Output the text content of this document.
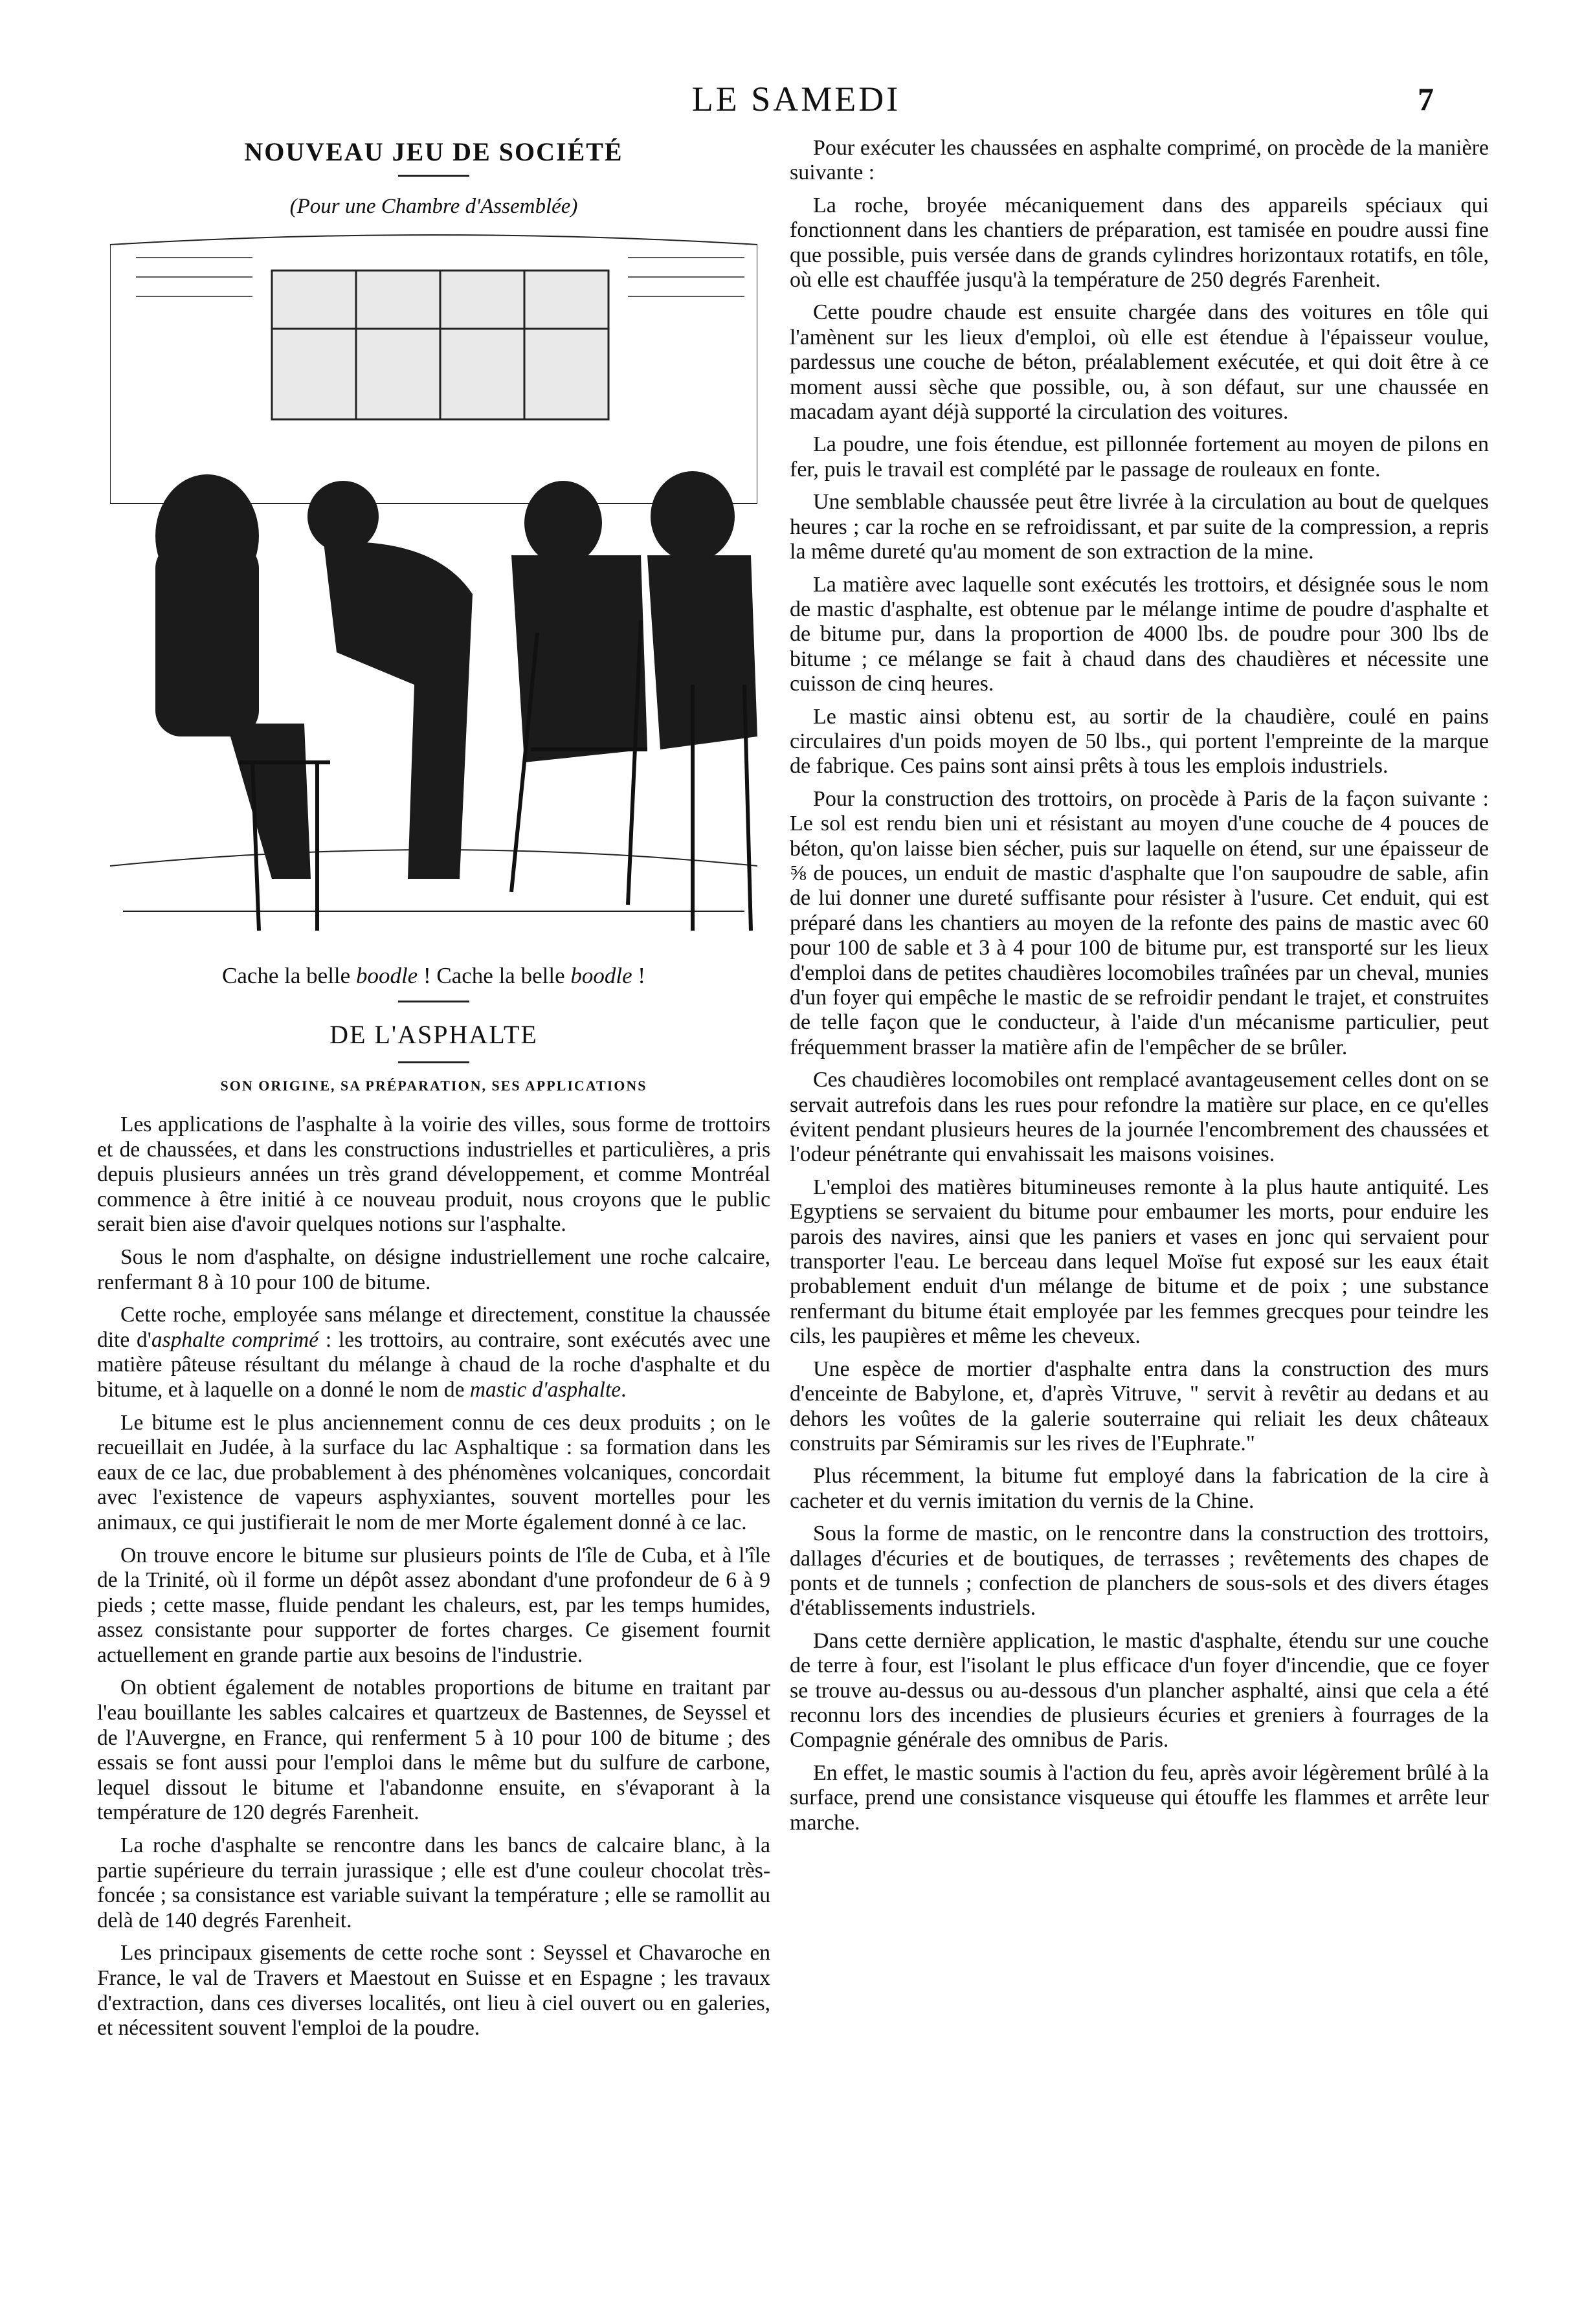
LE SAMEDI	7
NOUVEAU JEU DE SOCIÉTÉ
(Pour une Chambre d'Assemblée)
Cache la belle boodle ! Cache la belle boodle !
DE L'ASPHALTE
SON ORIGINE, SA PRÉPARATION, SES APPLICATIONS

Les applications de l'asphalte à la voirie des villes, sous forme de trottoirs et de chaussées, et dans les constructions industrielles et particulières, a pris depuis plusieurs années un très grand développement, et comme Montréal commence à être initié à ce nouveau produit, nous croyons que le public serait bien aise d'avoir quelques notions sur l'asphalte.

Sous le nom d'asphalte, on désigne industriellement une roche calcaire, renfermant 8 à 10 pour 100 de bitume.

Cette roche, employée sans mélange et directement, constitue la chaussée dite d'asphalte comprimé : les trottoirs, au contraire, sont exécutés avec une matière pâteuse résultant du mélange à chaud de la roche d'asphalte et du bitume, et à laquelle on a donné le nom de mastic d'asphalte.

Le bitume est le plus anciennement connu de ces deux produits ; on le recueillait en Judée, à la surface du lac Asphaltique : sa formation dans les eaux de ce lac, due probablement à des phénomènes volcaniques, concordait avec l'existence de vapeurs asphyxiantes, souvent mortelles pour les animaux, ce qui justifierait le nom de mer Morte également donné à ce lac.

On trouve encore le bitume sur plusieurs points de l'île de Cuba, et à l'île de la Trinité, où il forme un dépôt assez abondant d'une profondeur de 6 à 9 pieds ; cette masse, fluide pendant les chaleurs, est, par les temps humides, assez consistante pour supporter de fortes charges. Ce gisement fournit actuellement en grande partie aux besoins de l'industrie.

On obtient également de notables proportions de bitume en traitant par l'eau bouillante les sables calcaires et quartzeux de Bastennes, de Seyssel et de l'Auvergne, en France, qui renferment 5 à 10 pour 100 de bitume ; des essais se font aussi pour l'emploi dans le même but du sulfure de carbone, lequel dissout le bitume et l'abandonne ensuite, en s'évaporant à la température de 120 degrés Farenheit.

La roche d'asphalte se rencontre dans les bancs de calcaire blanc, à la partie supérieure du terrain jurassique ; elle est d'une couleur chocolat très-foncée ; sa consistance est variable suivant la température ; elle se ramollit au delà de 140 degrés Farenheit.

Les principaux gisements de cette roche sont : Seyssel et Chavaroche en France, le val de Travers et Maestout en Suisse et en Espagne ; les travaux d'extraction, dans ces diverses localités, ont lieu à ciel ouvert ou en galeries, et nécessitent souvent l'emploi de la poudre.

Pour exécuter les chaussées en asphalte comprimé, on procède de la manière suivante :

La roche, broyée mécaniquement dans des appareils spéciaux qui fonctionnent dans les chantiers de préparation, est tamisée en poudre aussi fine que possible, puis versée dans de grands cylindres horizontaux rotatifs, en tôle, où elle est chauffée jusqu'à la température de 250 degrés Farenheit.

Cette poudre chaude est ensuite chargée dans des voitures en tôle qui l'amènent sur les lieux d'emploi, où elle est étendue à l'épaisseur voulue, pardessus une couche de béton, préalablement exécutée, et qui doit être à ce moment aussi sèche que possible, ou, à son défaut, sur une chaussée en macadam ayant déjà supporté la circulation des voitures.

La poudre, une fois étendue, est pillonnée fortement au moyen de pilons en fer, puis le travail est complété par le passage de rouleaux en fonte.

Une semblable chaussée peut être livrée à la circulation au bout de quelques heures ; car la roche en se refroidissant, et par suite de la compression, a repris la même dureté qu'au moment de son extraction de la mine.

La matière avec laquelle sont exécutés les trottoirs, et désignée sous le nom de mastic d'asphalte, est obtenue par le mélange intime de poudre d'asphalte et de bitume pur, dans la proportion de 4000 lbs. de poudre pour 300 lbs de bitume ; ce mélange se fait à chaud dans des chaudières et nécessite une cuisson de cinq heures.

Le mastic ainsi obtenu est, au sortir de la chaudière, coulé en pains circulaires d'un poids moyen de 50 lbs., qui portent l'empreinte de la marque de fabrique. Ces pains sont ainsi prêts à tous les emplois industriels.

Pour la construction des trottoirs, on procède à Paris de la façon suivante : Le sol est rendu bien uni et résistant au moyen d'une couche de 4 pouces de béton, qu'on laisse bien sécher, puis sur laquelle on étend, sur une épaisseur de ⅝ de pouces, un enduit de mastic d'asphalte que l'on saupoudre de sable, afin de lui donner une dureté suffisante pour résister à l'usure. Cet enduit, qui est préparé dans les chantiers au moyen de la refonte des pains de mastic avec 60 pour 100 de sable et 3 à 4 pour 100 de bitume pur, est transporté sur les lieux d'emploi dans de petites chaudières locomobiles traînées par un cheval, munies d'un foyer qui empêche le mastic de se refroidir pendant le trajet, et construites de telle façon que le conducteur, à l'aide d'un mécanisme particulier, peut fréquemment brasser la matière afin de l'empêcher de se brûler.

Ces chaudières locomobiles ont remplacé avantageusement celles dont on se servait autrefois dans les rues pour refondre la matière sur place, en ce qu'elles évitent pendant plusieurs heures de la journée l'encombrement des chaussées et l'odeur pénétrante qui envahissait les maisons voisines.

L'emploi des matières bitumineuses remonte à la plus haute antiquité. Les Egyptiens se servaient du bitume pour embaumer les morts, pour enduire les parois des navires, ainsi que les paniers et vases en jonc qui servaient pour transporter l'eau. Le berceau dans lequel Moïse fut exposé sur les eaux était probablement enduit d'un mélange de bitume et de poix ; une substance renfermant du bitume était employée par les femmes grecques pour teindre les cils, les paupières et même les cheveux.

Une espèce de mortier d'asphalte entra dans la construction des murs d'enceinte de Babylone, et, d'après Vitruve, " servit à revêtir au dedans et au dehors les voûtes de la galerie souterraine qui reliait les deux châteaux construits par Sémiramis sur les rives de l'Euphrate."

Plus récemment, la bitume fut employé dans la fabrication de la cire à cacheter et du vernis imitation du vernis de la Chine.

Sous la forme de mastic, on le rencontre dans la construction des trottoirs, dallages d'écuries et de boutiques, de terrasses ; revêtements des chapes de ponts et de tunnels ; confection de planchers de sous-sols et des divers étages d'établissements industriels.

Dans cette dernière application, le mastic d'asphalte, étendu sur une couche de terre à four, est l'isolant le plus efficace d'un foyer d'incendie, que ce foyer se trouve au-dessus ou au-dessous d'un plancher asphalté, ainsi que cela a été reconnu lors des incendies de plusieurs écuries et greniers à fourrages de la Compagnie générale des omnibus de Paris.

En effet, le mastic soumis à l'action du feu, après avoir légèrement brûlé à la surface, prend une consistance visqueuse qui étouffe les flammes et arrête leur marche.
